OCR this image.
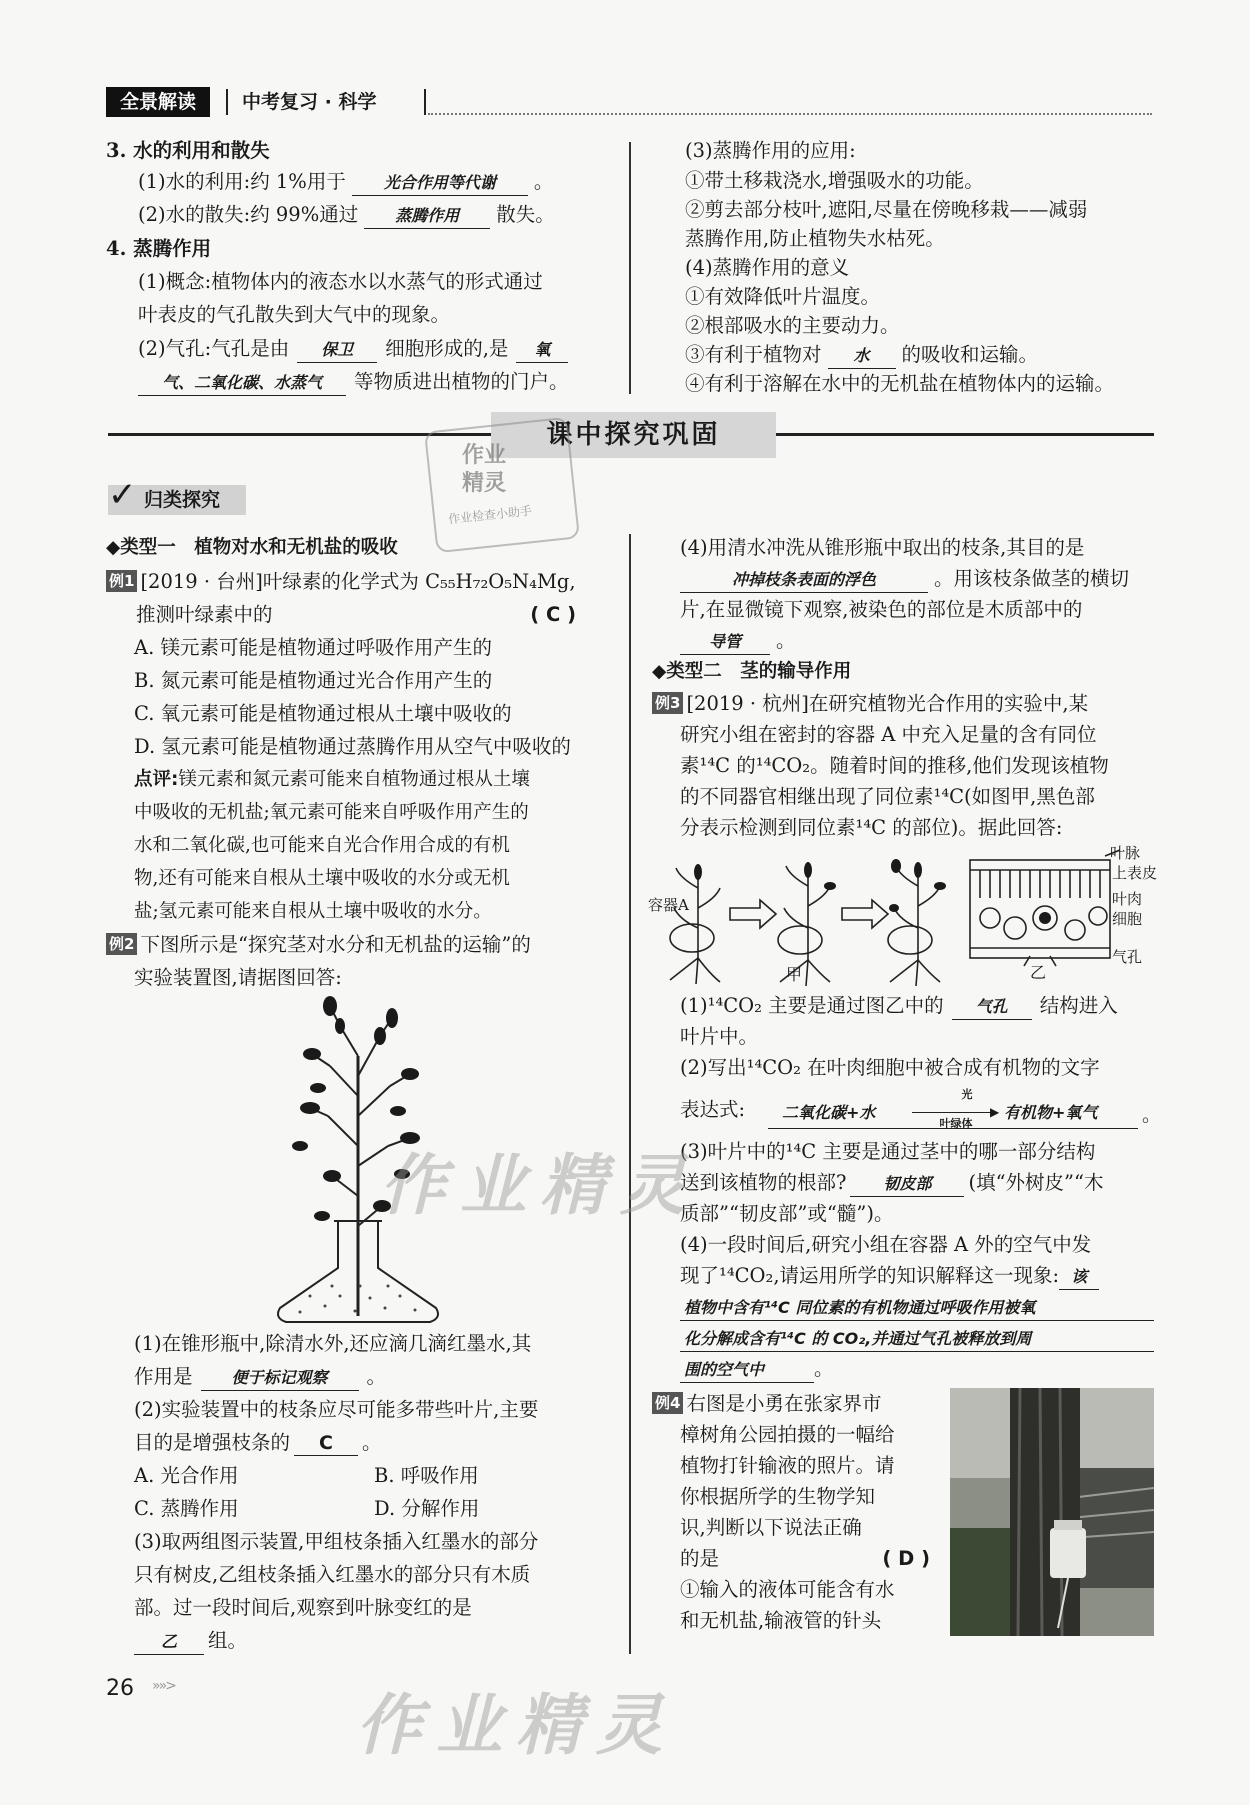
全景解读	中考复习 · 科学
3. 水的利用和散失
(1)水的利用:约 1%用于 光合作用等代谢 。
(2)水的散失:约 99%通过 蒸腾作用 散失。
4. 蒸腾作用
(1)概念:植物体内的液态水以水蒸气的形式通过
叶表皮的气孔散失到大气中的现象。
(2)气孔:气孔是由 保卫 细胞形成的,是 氧
气、二氧化碳、水蒸气 等物质进出植物的门户。
(3)蒸腾作用的应用:
①带土移栽浇水,增强吸水的功能。
②剪去部分枝叶,遮阳,尽量在傍晚移栽——减弱
蒸腾作用,防止植物失水枯死。
(4)蒸腾作用的意义
①有效降低叶片温度。
②根部吸水的主要动力。
③有利于植物对 水 的吸收和运输。
④有利于溶解在水中的无机盐在植物体内的运输。
课中探究巩固
作业
精灵
作业检查小助手
✓ 归类探究
◆类型一　植物对水和无机盐的吸收
例1 [2019 · 台州]叶绿素的化学式为 C₅₅H₇₂O₅N₄Mg,
推测叶绿素中的	( C )
A. 镁元素可能是植物通过呼吸作用产生的
B. 氮元素可能是植物通过光合作用产生的
C. 氧元素可能是植物通过根从土壤中吸收的
D. 氢元素可能是植物通过蒸腾作用从空气中吸收的
点评:镁元素和氮元素可能来自植物通过根从土壤
中吸收的无机盐;氧元素可能来自呼吸作用产生的
水和二氧化碳,也可能来自光合作用合成的有机
物,还有可能来自根从土壤中吸收的水分或无机
盐;氢元素可能来自根从土壤中吸收的水分。
例2 下图所示是“探究茎对水分和无机盐的运输”的
实验装置图,请据图回答:
(1)在锥形瓶中,除清水外,还应滴几滴红墨水,其
作用是 便于标记观察 。
(2)实验装置中的枝条应尽可能多带些叶片,主要
目的是增强枝条的 C 。
A. 光合作用	B. 呼吸作用
C. 蒸腾作用	D. 分解作用
(3)取两组图示装置,甲组枝条插入红墨水的部分
只有树皮,乙组枝条插入红墨水的部分只有木质
部。过一段时间后,观察到叶脉变红的是
乙 组。
(4)用清水冲洗从锥形瓶中取出的枝条,其目的是
冲掉枝条表面的浮色	。用该枝条做茎的横切
片,在显微镜下观察,被染色的部位是木质部中的
导管 。
◆类型二　茎的输导作用
例3 [2019 · 杭州]在研究植物光合作用的实验中,某
研究小组在密封的容器 A 中充入足量的含有同位
素¹⁴C 的¹⁴CO₂。随着时间的推移,他们发现该植物
的不同器官相继出现了同位素¹⁴C(如图甲,黑色部
分表示检测到同位素¹⁴C 的部位)。据此回答:
容器A
甲	乙
叶脉
上表皮
叶肉
细胞
气孔
(1)¹⁴CO₂ 主要是通过图乙中的 气孔 结构进入
叶片中。
(2)写出¹⁴CO₂ 在叶肉细胞中被合成有机物的文字
表达式: 二氧化碳+水
光
▶
叶绿体
有机物+氧气 。
(3)叶片中的¹⁴C 主要是通过茎中的哪一部分结构
送到该植物的根部? 韧皮部 (填“外树皮”“木
质部”“韧皮部”或“髓”)。
(4)一段时间后,研究小组在容器 A 外的空气中发
现了¹⁴CO₂,请运用所学的知识解释这一现象: 该
植物中含有¹⁴C 同位素的有机物通过呼吸作用被氧
化分解成含有¹⁴C 的 CO₂,并通过气孔被释放到周
围的空气中	。
例4 右图是小勇在张家界市
樟树角公园拍摄的一幅给
植物打针输液的照片。请
你根据所学的生物学知
识,判断以下说法正确
的是	( D )
①输入的液体可能含有水
和无机盐,输液管的针头
作业精灵
作业精灵
26 »»>
